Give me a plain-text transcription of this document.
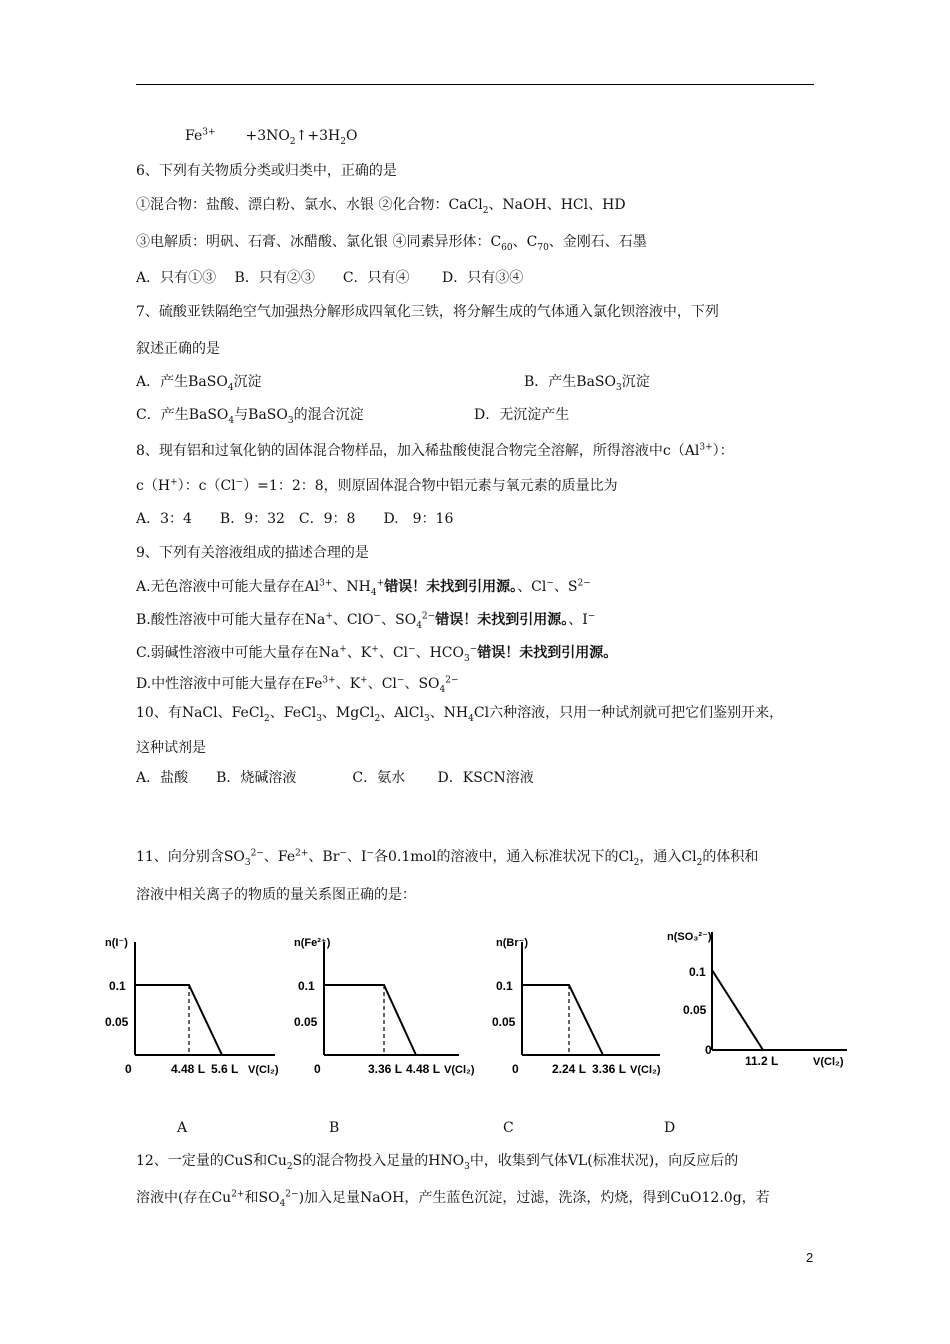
$Fe^{3+}$ $+3NO_2↑+3H_2O$
6、下列有关物质分类或归类中，正确的是
①混合物：盐酸、漂白粉、氯水、水银 ②化合物：CaCl$_2$、NaOH、HCl、HD
③电解质：明矾、石膏、冰醋酸、氯化银 ④同素异形体：$C_{60}$、$C_{70}$、金刚石、石墨
A．只有①③　 B．只有②③　　C．只有④　　 D．只有③④
7、硫酸亚铁隔绝空气加强热分解形成四氧化三铁，将分解生成的气体通入氯化钡溶液中，下列
叙述正确的是
A．产生BaSO$_4$沉淀	B．产生BaSO$_3$沉淀
C．产生BaSO$_4$与BaSO$_3$的混合沉淀	D．无沉淀产生
8、现有铝和过氧化钠的固体混合物样品，加入稀盐酸使混合物完全溶解，所得溶液中$c(Al^{3+})$：
c（H+）：c（Cl−）=1：2：8，则原固体混合物中铝元素与氧元素的质量比为
A．3：4　　B．9：32　C．9：8　　D.　9：16
9、下列有关溶液组成的描述合理的是
A.无色溶液中可能大量存在$Al^{3+}$、$NH_4^+$错误！未找到引用源。、Cl−、$S^{2-}$
B.酸性溶液中可能大量存在Na+、ClO−、$SO_4^{2-}$错误！未找到引用源。、I−
C.弱碱性溶液中可能大量存在Na+、K+、Cl−、$HCO_3^-$错误！未找到引用源。
D.中性溶液中可能大量存在$Fe^{3+}$、K+、Cl−、$SO_4^{2-}$
10、有NaCl、FeCl$_2$、FeCl$_3$、MgCl$_2$、AlCl$_3$、$NH_4Cl$六种溶液，只用一种试剂就可把它们鉴别开来，
这种试剂是
A．盐酸　　B．烧碱溶液　　　　C．氨水　　 D．KSCN溶液
11、向分别含$SO_3^{2-}$、$Fe^{2+}$、Br−、I−各0.1mol的溶液中，通入标准状况下的$Cl_2$，通入$Cl_2$的体积和
溶液中相关离子的物质的量关系图正确的是：
n(I⁻)
0.1
0.05
0	4.48 L 5.6 L V(Cl₂)
n(Fe²⁺)
0.1
0.05
0	3.36 L 4.48 L V(Cl₂)
n(Br⁻)
0.1
0.05
0	2.24 L 3.36 L V(Cl₂)
n(SO₃²⁻)
0.1
0.05
0
11.2 L	V(Cl₂)
A	B	C	D
12、一定量的CuS和$Cu_2S$的混合物投入足量的$HNO_3$中，收集到气体VL(标准状况)，向反应后的
溶液中(存在$Cu^{2+}$和$SO_4^{2-}$)加入足量NaOH，产生蓝色沉淀，过滤，洗涤，灼烧，得到CuO12.0g，若
2
